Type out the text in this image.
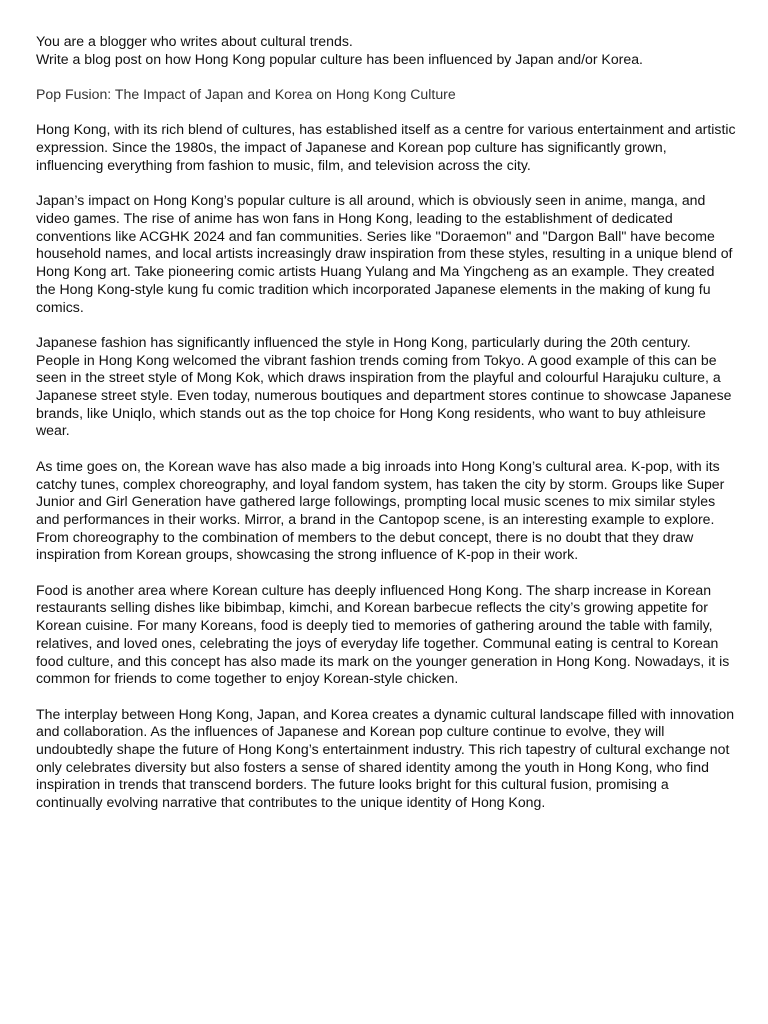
You are a blogger who writes about cultural trends.
Write a blog post on how Hong Kong popular culture has been influenced by Japan and/or Korea.
Pop Fusion: The Impact of Japan and Korea on Hong Kong Culture
Hong Kong, with its rich blend of cultures, has established itself as a centre for various entertainment and artistic expression. Since the 1980s, the impact of Japanese and Korean pop culture has significantly grown, influencing everything from fashion to music, film, and television across the city.
Japan’s impact on Hong Kong’s popular culture is all around, which is obviously seen in anime, manga, and video games. The rise of anime has won fans in Hong Kong, leading to the establishment of dedicated conventions like ACGHK 2024 and fan communities. Series like "Doraemon" and "Dargon Ball" have become household names, and local artists increasingly draw inspiration from these styles, resulting in a unique blend of Hong Kong art. Take pioneering comic artists Huang Yulang and Ma Yingcheng as an example. They created the Hong Kong-style kung fu comic tradition which incorporated Japanese elements in the making of kung fu comics.
Japanese fashion has significantly influenced the style in Hong Kong, particularly during the 20th century. People in Hong Kong welcomed the vibrant fashion trends coming from Tokyo. A good example of this can be seen in the street style of Mong Kok, which draws inspiration from the playful and colourful Harajuku culture, a Japanese street style. Even today, numerous boutiques and department stores continue to showcase Japanese brands, like Uniqlo, which stands out as the top choice for Hong Kong residents, who want to buy athleisure wear.
As time goes on, the Korean wave has also made a big inroads into Hong Kong’s cultural area. K-pop, with its catchy tunes, complex choreography, and loyal fandom system, has taken the city by storm. Groups like Super Junior and Girl Generation have gathered large followings, prompting local music scenes to mix similar styles and performances in their works. Mirror, a brand in the Cantopop scene, is an interesting example to explore. From choreography to the combination of members to the debut concept, there is no doubt that they draw inspiration from Korean groups, showcasing the strong influence of K-pop in their work.
Food is another area where Korean culture has deeply influenced Hong Kong. The sharp increase in Korean restaurants selling dishes like bibimbap, kimchi, and Korean barbecue reflects the city’s growing appetite for Korean cuisine. For many Koreans, food is deeply tied to memories of gathering around the table with family, relatives, and loved ones, celebrating the joys of everyday life together. Communal eating is central to Korean food culture, and this concept has also made its mark on the younger generation in Hong Kong. Nowadays, it is common for friends to come together to enjoy Korean-style chicken.
The interplay between Hong Kong, Japan, and Korea creates a dynamic cultural landscape filled with innovation and collaboration. As the influences of Japanese and Korean pop culture continue to evolve, they will undoubtedly shape the future of Hong Kong’s entertainment industry. This rich tapestry of cultural exchange not only celebrates diversity but also fosters a sense of shared identity among the youth in Hong Kong, who find inspiration in trends that transcend borders. The future looks bright for this cultural fusion, promising a continually evolving narrative that contributes to the unique identity of Hong Kong.
